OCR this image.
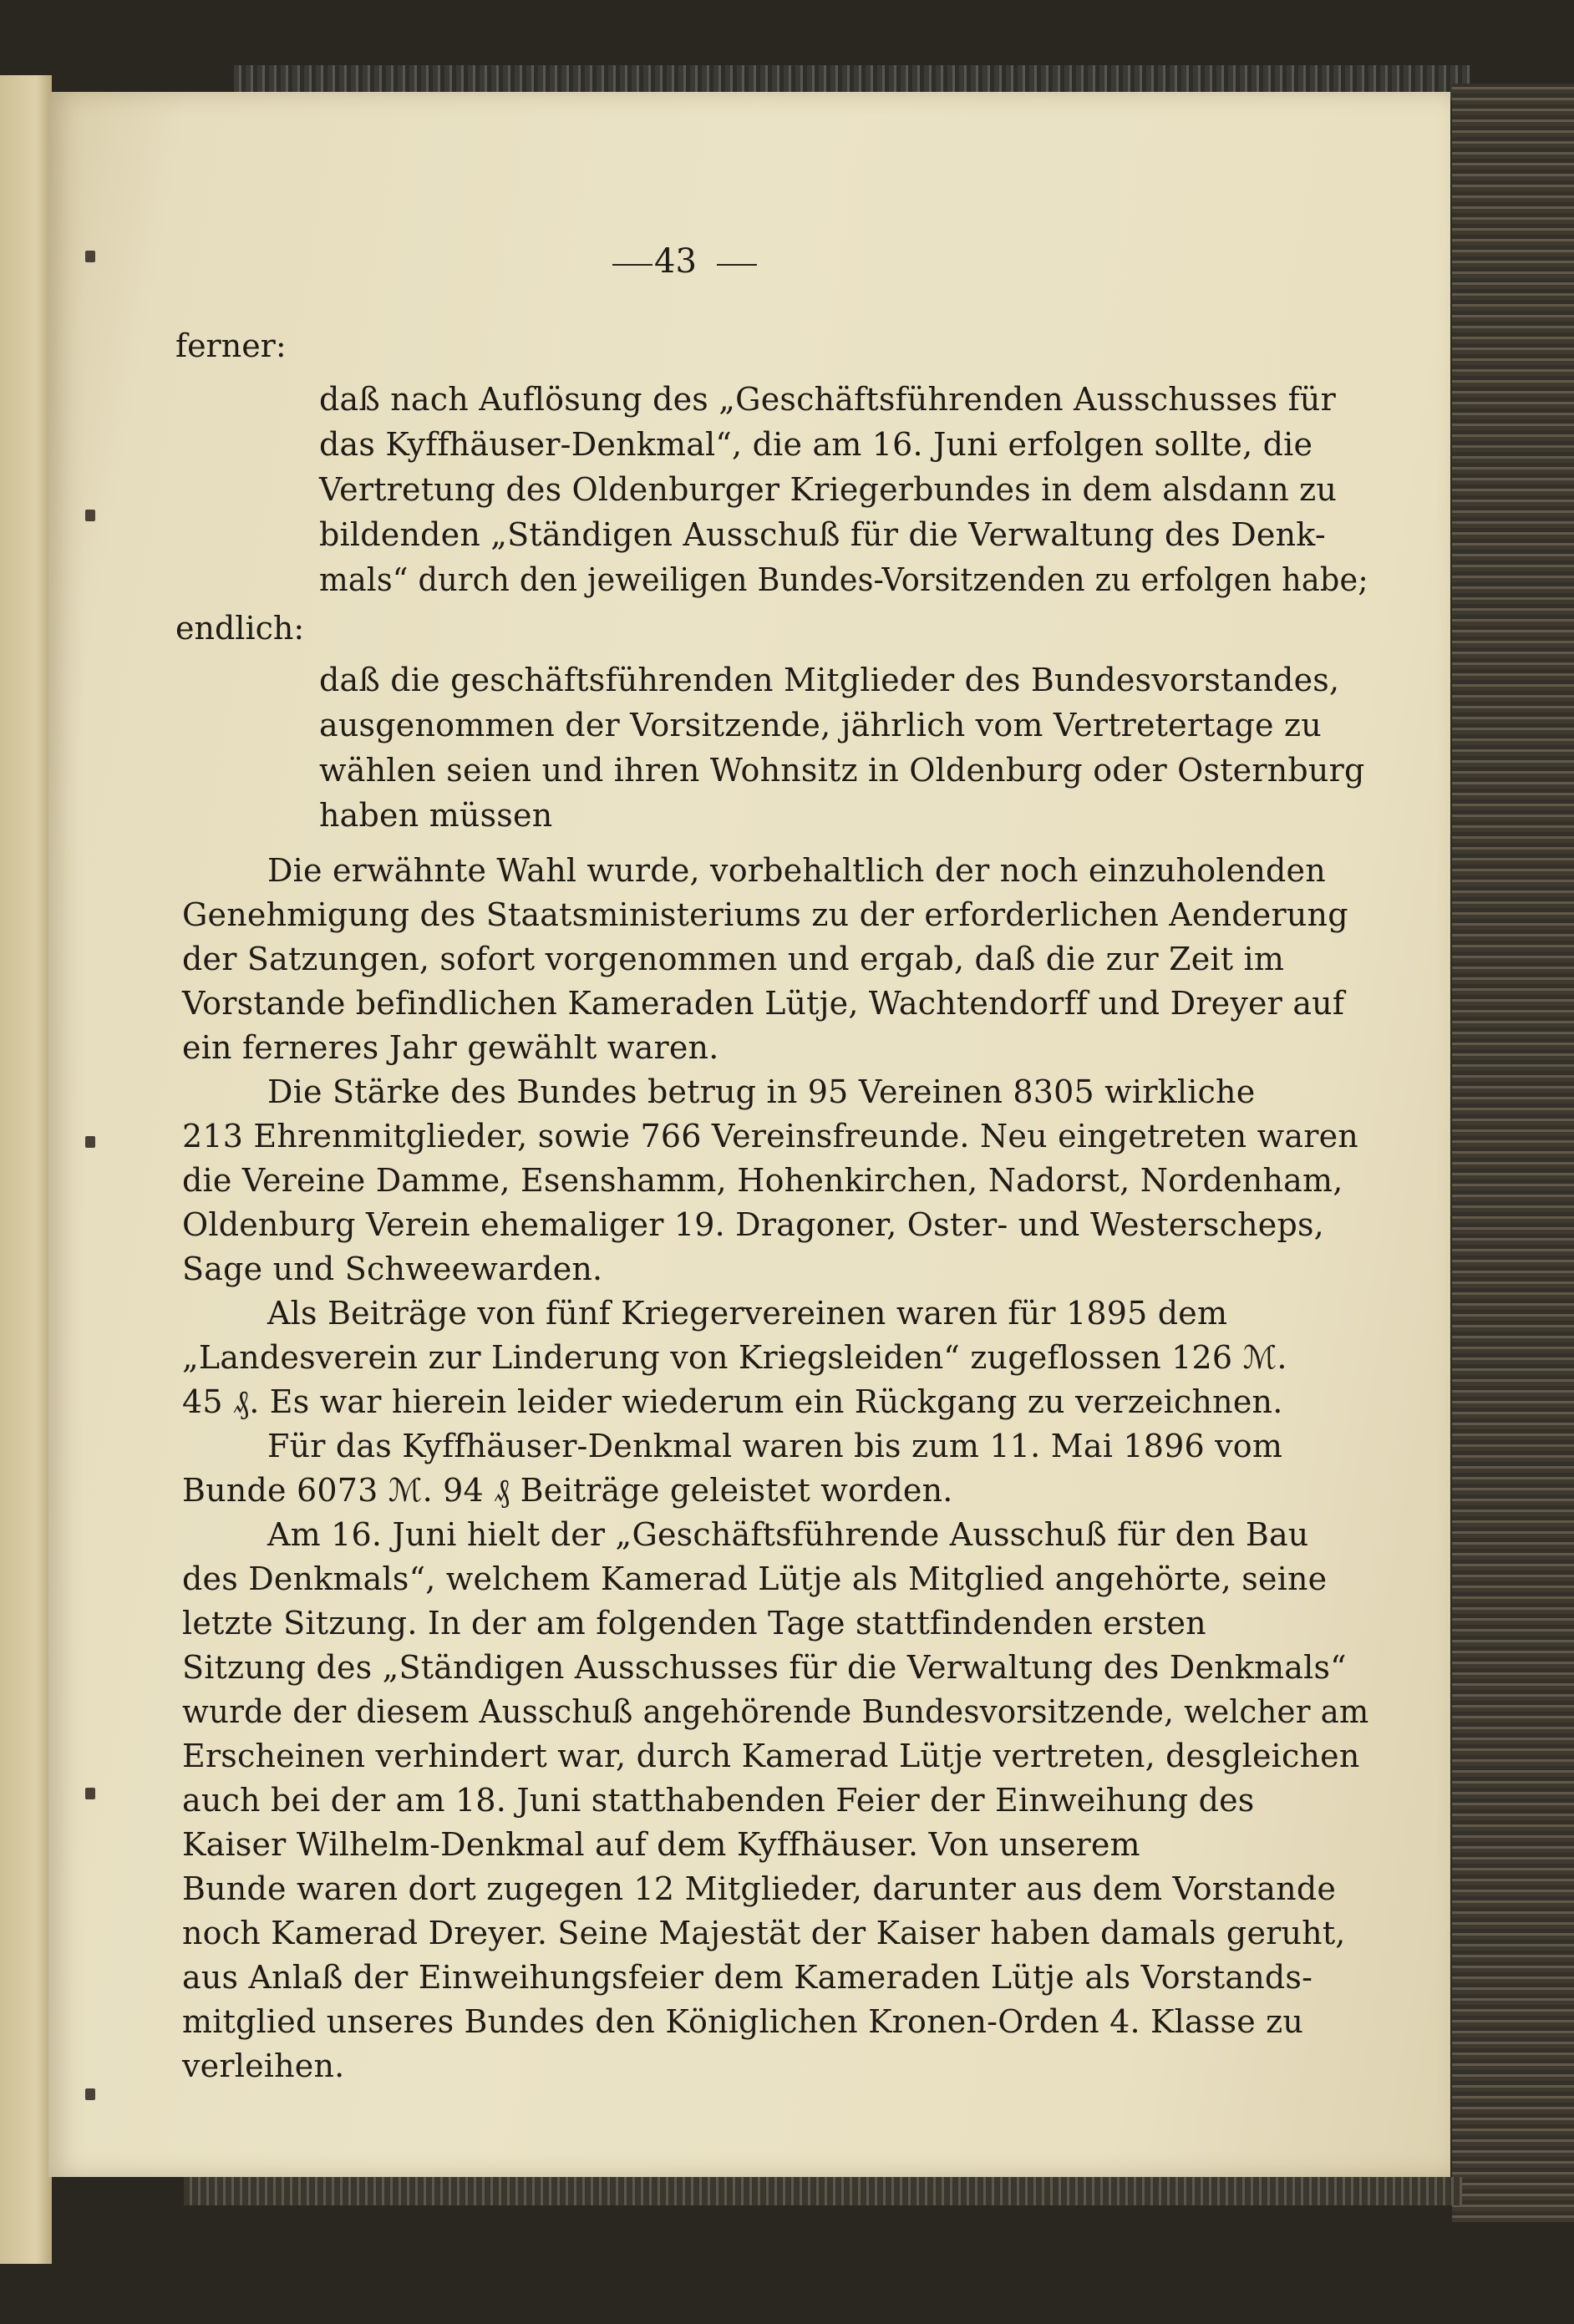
43
ferner:
endlich:
daß nach Auflösung des „Geschäftsführenden Ausschusses für
das Kyffhäuser-Denkmal“, die am 16. Juni erfolgen sollte, die
Vertretung des Oldenburger Kriegerbundes in dem alsdann zu
bildenden „Ständigen Ausschuß für die Verwaltung des Denk-
mals“ durch den jeweiligen Bundes-Vorsitzenden zu erfolgen habe;
daß die geschäftsführenden Mitglieder des Bundesvorstandes,
ausgenommen der Vorsitzende, jährlich vom Vertretertage zu
wählen seien und ihren Wohnsitz in Oldenburg oder Osternburg
haben müssen
Die erwähnte Wahl wurde, vorbehaltlich der noch einzuholenden
Genehmigung des Staatsministeriums zu der erforderlichen Aenderung
der Satzungen, sofort vorgenommen und ergab, daß die zur Zeit im
Vorstande befindlichen Kameraden Lütje, Wachtendorff und Dreyer auf
ein ferneres Jahr gewählt waren.
Die Stärke des Bundes betrug in 95 Vereinen 8305 wirkliche
213 Ehrenmitglieder, sowie 766 Vereinsfreunde. Neu eingetreten waren
die Vereine Damme, Esenshamm, Hohenkirchen, Nadorst, Nordenham,
Oldenburg Verein ehemaliger 19. Dragoner, Oster- und Westerscheps,
Sage und Schweewarden.
Als Beiträge von fünf Kriegervereinen waren für 1895 dem
„Landesverein zur Linderung von Kriegsleiden“ zugeflossen 126 ℳ.
45 ₰. Es war hierein leider wiederum ein Rückgang zu verzeichnen.
Für das Kyffhäuser-Denkmal waren bis zum 11. Mai 1896 vom
Bunde 6073 ℳ. 94 ₰ Beiträge geleistet worden.
Am 16. Juni hielt der „Geschäftsführende Ausschuß für den Bau
des Denkmals“, welchem Kamerad Lütje als Mitglied angehörte, seine
letzte Sitzung. In der am folgenden Tage stattfindenden ersten
Sitzung des „Ständigen Ausschusses für die Verwaltung des Denkmals“
wurde der diesem Ausschuß angehörende Bundesvorsitzende, welcher am
Erscheinen verhindert war, durch Kamerad Lütje vertreten, desgleichen
auch bei der am 18. Juni statthabenden Feier der Einweihung des
Kaiser Wilhelm-Denkmal auf dem Kyffhäuser. Von unserem
Bunde waren dort zugegen 12 Mitglieder, darunter aus dem Vorstande
noch Kamerad Dreyer. Seine Majestät der Kaiser haben damals geruht,
aus Anlaß der Einweihungsfeier dem Kameraden Lütje als Vorstands-
mitglied unseres Bundes den Königlichen Kronen-Orden 4. Klasse zu
verleihen.
